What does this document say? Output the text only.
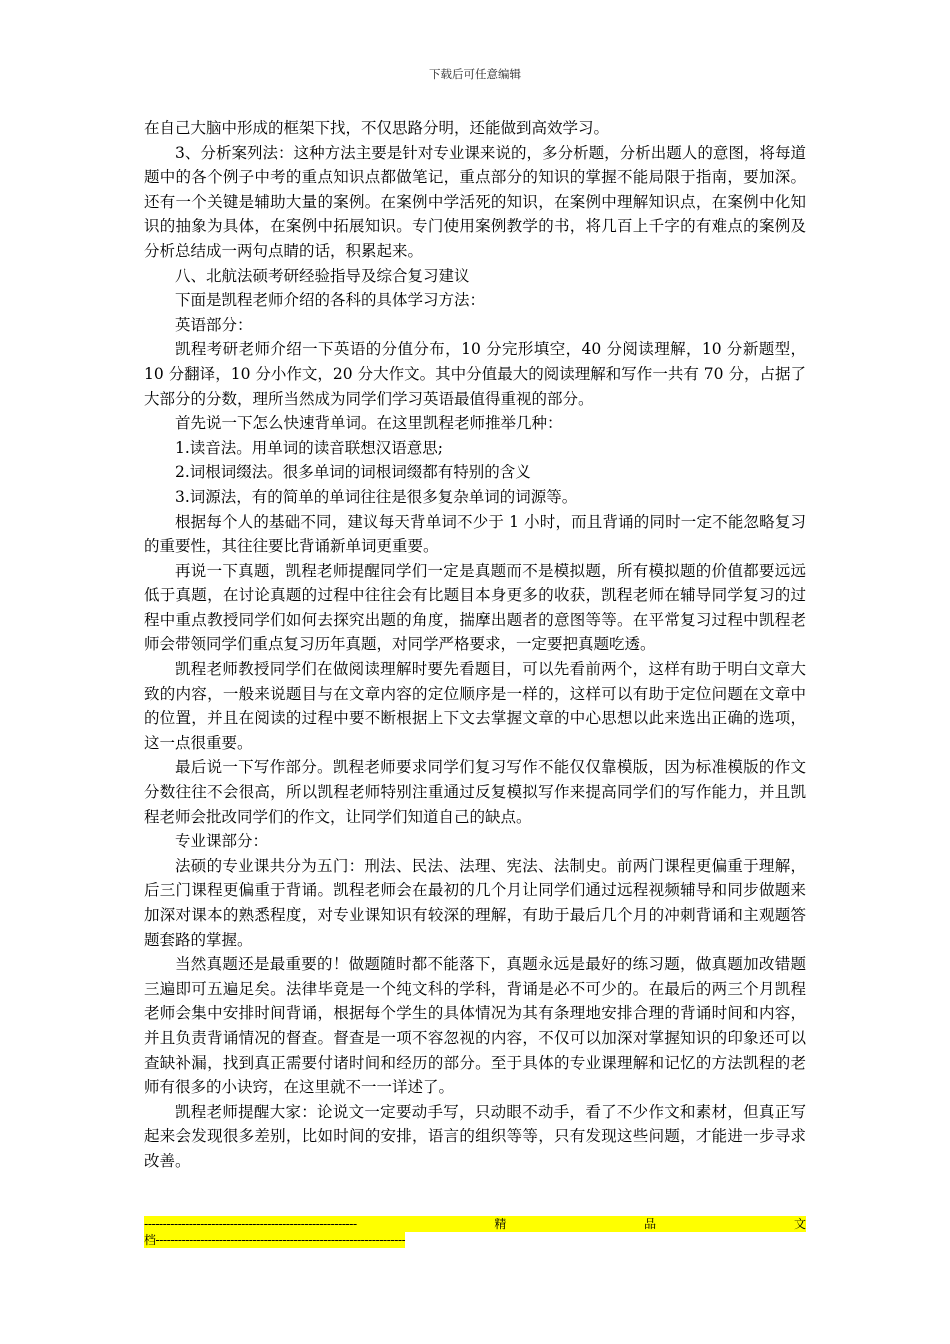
下载后可任意编辑

在自己大脑中形成的框架下找，不仅思路分明，还能做到高效学习。

3、分析案列法：这种方法主要是针对专业课来说的，多分析题，分析出题人的意图，将每道题中的各个例子中考的重点知识点都做笔记，重点部分的知识的掌握不能局限于指南，要加深。还有一个关键是辅助大量的案例。在案例中学活死的知识，在案例中理解知识点，在案例中化知识的抽象为具体，在案例中拓展知识。专门使用案例教学的书，将几百上千字的有难点的案例及分析总结成一两句点睛的话，积累起来。

八、北航法硕考研经验指导及综合复习建议

下面是凯程老师介绍的各科的具体学习方法：

英语部分：

凯程考研老师介绍一下英语的分值分布，10 分完形填空，40 分阅读理解，10 分新题型，10 分翻译，10 分小作文，20 分大作文。其中分值最大的阅读理解和写作一共有 70 分，占据了大部分的分数，理所当然成为同学们学习英语最值得重视的部分。

首先说一下怎么快速背单词。在这里凯程老师推举几种：

1.读音法。用单词的读音联想汉语意思;

2.词根词缀法。很多单词的词根词缀都有特别的含义

3.词源法，有的简单的单词往往是很多复杂单词的词源等。

根据每个人的基础不同，建议每天背单词不少于 1 小时，而且背诵的同时一定不能忽略复习的重要性，其往往要比背诵新单词更重要。

再说一下真题，凯程老师提醒同学们一定是真题而不是模拟题，所有模拟题的价值都要远远低于真题，在讨论真题的过程中往往会有比题目本身更多的收获，凯程老师在辅导同学复习的过程中重点教授同学们如何去探究出题的角度，揣摩出题者的意图等等。在平常复习过程中凯程老师会带领同学们重点复习历年真题，对同学严格要求，一定要把真题吃透。

凯程老师教授同学们在做阅读理解时要先看题目，可以先看前两个，这样有助于明白文章大致的内容，一般来说题目与在文章内容的定位顺序是一样的，这样可以有助于定位问题在文章中的位置，并且在阅读的过程中要不断根据上下文去掌握文章的中心思想以此来选出正确的选项，这一点很重要。

最后说一下写作部分。凯程老师要求同学们复习写作不能仅仅靠模版，因为标准模版的作文分数往往不会很高，所以凯程老师特别注重通过反复模拟写作来提高同学们的写作能力，并且凯程老师会批改同学们的作文，让同学们知道自己的缺点。

专业课部分：

法硕的专业课共分为五门：刑法、民法、法理、宪法、法制史。前两门课程更偏重于理解，后三门课程更偏重于背诵。凯程老师会在最初的几个月让同学们通过远程视频辅导和同步做题来加深对课本的熟悉程度，对专业课知识有较深的理解，有助于最后几个月的冲刺背诵和主观题答题套路的掌握。

当然真题还是最重要的！做题随时都不能落下，真题永远是最好的练习题，做真题加改错题三遍即可五遍足矣。法律毕竟是一个纯文科的学科，背诵是必不可少的。在最后的两三个月凯程老师会集中安排时间背诵，根据每个学生的具体情况为其有条理地安排合理的背诵时间和内容，并且负责背诵情况的督查。督查是一项不容忽视的内容，不仅可以加深对掌握知识的印象还可以查缺补漏，找到真正需要付诸时间和经历的部分。至于具体的专业课理解和记忆的方法凯程的老师有很多的小诀窍，在这里就不一一详述了。

凯程老师提醒大家：论说文一定要动手写，只动眼不动手，看了不少作文和素材，但真正写起来会发现很多差别，比如时间的安排，语言的组织等等，只有发现这些问题，才能进一步寻求改善。

---------------------------------------------------------	精	品	文
档-------------------------------------------------------------------
